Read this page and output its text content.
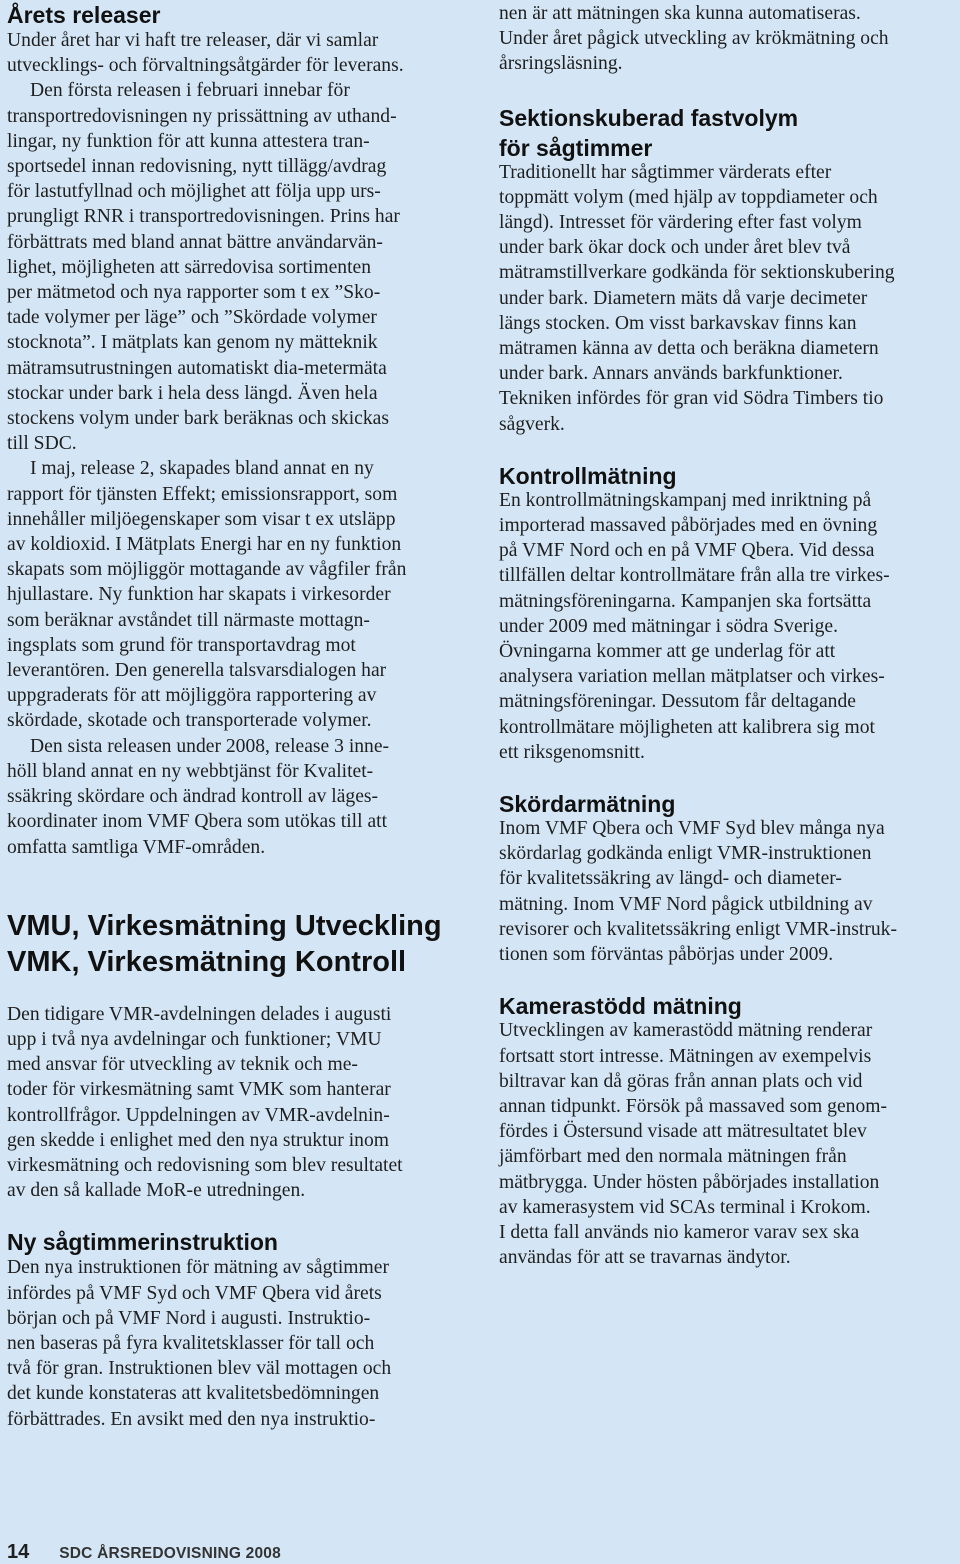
Årets releaser

Under året har vi haft tre releaser, där vi samlar
utvecklings- och förvaltningsåtgärder för leverans.

Den första releasen i februari innebar för
transportredovisningen ny prissättning av uthand-
lingar, ny funktion för att kunna attestera tran-
sportsedel innan redovisning, nytt tillägg/avdrag
för lastutfyllnad och möjlighet att följa upp urs-
prungligt RNR i transportredovisningen. Prins har
förbättrats med bland annat bättre användarvän-
lighet, möjligheten att särredovisa sortimenten
per mätmetod och nya rapporter som t ex ”Sko-
tade volymer per läge” och ”Skördade volymer
stocknota”. I mätplats kan genom ny mätteknik
mätramsutrustningen automatiskt dia-metermäta
stockar under bark i hela dess längd. Även hela
stockens volym under bark beräknas och skickas
till SDC.

I maj, release 2, skapades bland annat en ny
rapport för tjänsten Effekt; emissionsrapport, som
innehåller miljöegenskaper som visar t ex utsläpp
av koldioxid. I Mätplats Energi har en ny funktion
skapats som möjliggör mottagande av vågfiler från
hjullastare. Ny funktion har skapats i virkesorder
som beräknar avståndet till närmaste mottagn-
ingsplats som grund för transportavdrag mot
leverantören. Den generella talsvarsdialogen har
uppgraderats för att möjliggöra rapportering av
skördade, skotade och transporterade volymer.

Den sista releasen under 2008, release 3 inne-
höll bland annat en ny webbtjänst för Kvalitet-
ssäkring skördare och ändrad kontroll av läges-
koordinater inom VMF Qbera som utökas till att
omfatta samtliga VMF-områden.

VMU, Virkesmätning Utveckling
VMK, Virkesmätning Kontroll

Den tidigare VMR-avdelningen delades i augusti
upp i två nya avdelningar och funktioner; VMU
med ansvar för utveckling av teknik och me-
toder för virkesmätning samt VMK som hanterar
kontrollfrågor. Uppdelningen av VMR-avdelnin-
gen skedde i enlighet med den nya struktur inom
virkesmätning och redovisning som blev resultatet
av den så kallade MoR-e utredningen.

Ny sågtimmerinstruktion

Den nya instruktionen för mätning av sågtimmer
infördes på VMF Syd och VMF Qbera vid årets
början och på VMF Nord i augusti. Instruktio-
nen baseras på fyra kvalitetsklasser för tall och
två för gran. Instruktionen blev väl mottagen och
det kunde konstateras att kvalitetsbedömningen
förbättrades. En avsikt med den nya instruktio-

nen är att mätningen ska kunna automatiseras.
Under året pågick utveckling av krökmätning och
årsringsläsning.

Sektionskuberad fastvolym
för sågtimmer

Traditionellt har sågtimmer värderats efter
toppmätt volym (med hjälp av toppdiameter och
längd). Intresset för värdering efter fast volym
under bark ökar dock och under året blev två
mätramstillverkare godkända för sektionskubering
under bark. Diametern mäts då varje decimeter
längs stocken. Om visst barkavskav finns kan
mätramen känna av detta och beräkna diametern
under bark. Annars används barkfunktioner.
Tekniken infördes för gran vid Södra Timbers tio
sågverk.

Kontrollmätning

En kontrollmätningskampanj med inriktning på
importerad massaved påbörjades med en övning
på VMF Nord och en på VMF Qbera. Vid dessa
tillfällen deltar kontrollmätare från alla tre virkes-
mätningsföreningarna. Kampanjen ska fortsätta
under 2009 med mätningar i södra Sverige.
Övningarna kommer att ge underlag för att
analysera variation mellan mätplatser och virkes-
mätningsföreningar. Dessutom får deltagande
kontrollmätare möjligheten att kalibrera sig mot
ett riksgenomsnitt.

Skördarmätning

Inom VMF Qbera och VMF Syd blev många nya
skördarlag godkända enligt VMR-instruktionen
för kvalitetssäkring av längd- och diameter-
mätning. Inom VMF Nord pågick utbildning av
revisorer och kvalitetssäkring enligt VMR-instruk-
tionen som förväntas påbörjas under 2009.

Kamerastödd mätning

Utvecklingen av kamerastödd mätning renderar
fortsatt stort intresse. Mätningen av exempelvis
biltravar kan då göras från annan plats och vid
annan tidpunkt. Försök på massaved som genom-
fördes i Östersund visade att mätresultatet blev
jämförbart med den normala mätningen från
mätbrygga. Under hösten påbörjades installation
av kamerasystem vid SCAs terminal i Krokom.
I detta fall används nio kameror varav sex ska
användas för att se travarnas ändytor.

14 SDC ÅRSREDOVISNING 2008
